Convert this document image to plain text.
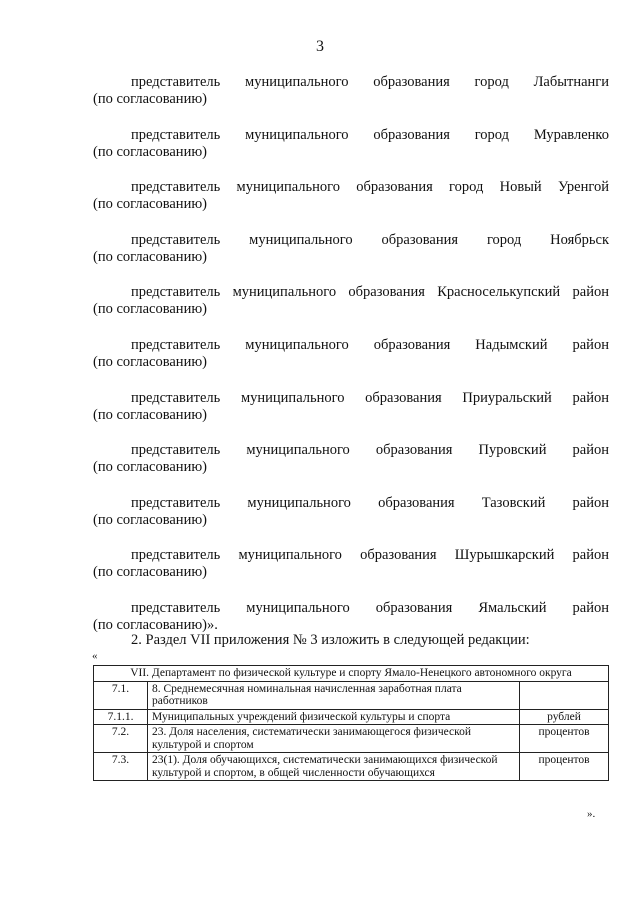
3
представитель муниципального образования город Лабытнанги
(по согласованию)
представитель муниципального образования город Муравленко
(по согласованию)
представитель муниципального образования город Новый Уренгой
(по согласованию)
представитель муниципального образования город Ноябрьск
(по согласованию)
представитель муниципального образования Красноселькупский район
(по согласованию)
представитель муниципального образования Надымский район
(по согласованию)
представитель муниципального образования Приуральский район
(по согласованию)
представитель муниципального образования Пуровский район
(по согласованию)
представитель муниципального образования Тазовский район
(по согласованию)
представитель муниципального образования Шурышкарский район
(по согласованию)
представитель муниципального образования Ямальский район
(по согласованию)».
2. Раздел VII приложения № 3 изложить в следующей редакции:
«
VII. Департамент по физической культуре и спорту Ямало-Ненецкого автономного округа		
7.1.	8. Среднемесячная номинальная начисленная заработная плата работников	
7.1.1.	Муниципальных учреждений физической культуры и спорта	рублей
7.2.	23. Доля населения, систематически занимающегося физической культурой и спортом	процентов
7.3.	23(1). Доля обучающихся, систематически занимающихся физической культурой и спортом, в общей численности обучающихся	процентов
».
